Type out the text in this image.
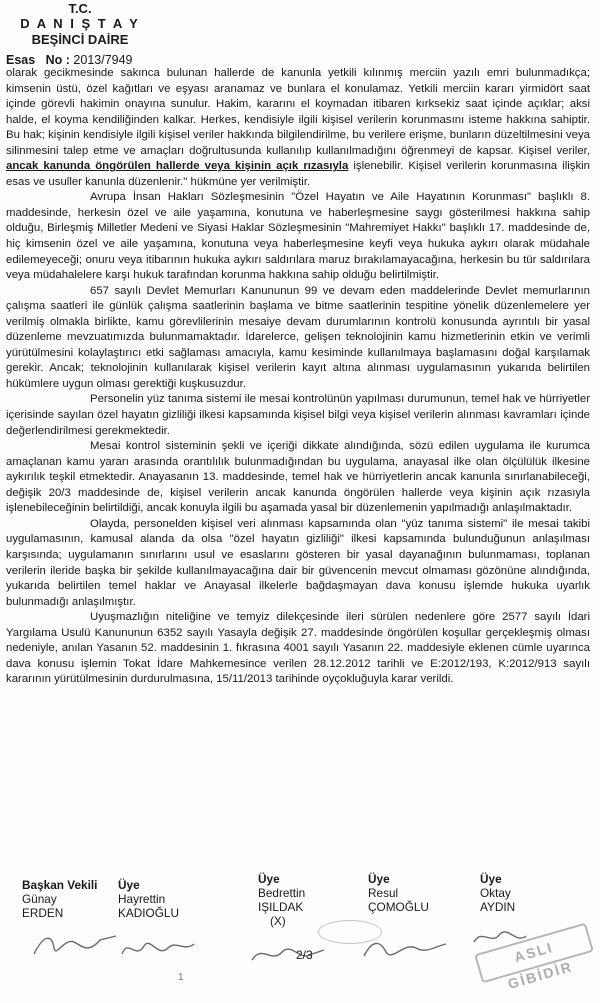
T.C.
D A N I Ş T A Y
BEŞİNCİ DAİRE
Esas No : 2013/7949

olarak gecikmesinde sakınca bulunan hallerde de kanunla yetkili kılınmış merciin yazılı emri bulunmadıkça; kimsenin üstü, özel kağıtları ve eşyası aranamaz ve bunlara el konulamaz. Yetkili merciin kararı yirmidört saat içinde görevli hakimin onayına sunulur. Hakim, kararını el koymadan itibaren kırksekiz saat içinde açıklar; aksi halde, el koyma kendiliğinden kalkar. Herkes, kendisiyle ilgili kişisel verilerin korunmasını isteme hakkına sahiptir. Bu hak; kişinin kendisiyle ilgili kişisel veriler hakkında bilgilendirilme, bu verilere erişme, bunların düzeltilmesini veya silinmesini talep etme ve amaçları doğrultusunda kullanılıp kullanılmadığını öğrenmeyi de kapsar. Kişisel veriler, ancak kanunda öngörülen hallerde veya kişinin açık rızasıyla işlenebilir. Kişisel verilerin korunmasına ilişkin esas ve usuller kanunla düzenlenir." hükmüne yer verilmiştir.

Avrupa İnsan Hakları Sözleşmesinin "Özel Hayatın ve Aile Hayatının Korunması" başlıklı 8. maddesinde, herkesin özel ve aile yaşamına, konutuna ve haberleşmesine saygı gösterilmesi hakkına sahip olduğu, Birleşmiş Milletler Medeni ve Siyasi Haklar Sözleşmesinin "Mahremiyet Hakkı" başlıklı 17. maddesinde de, hiç kimsenin özel ve aile yaşamına, konutuna veya haberleşmesine keyfi veya hukuka aykırı olarak müdahale edilemeyeceği; onuru veya itibarının hukuka aykırı saldırılara maruz bırakılamayacağına, herkesin bu tür saldırılara veya müdahalelere karşı hukuk tarafından korunma hakkına sahip olduğu belirtilmiştir.

657 sayılı Devlet Memurları Kanununun 99 ve devam eden maddelerinde Devlet memurlarının çalışma saatleri ile günlük çalışma saatlerinin başlama ve bitme saatlerinin tespitine yönelik düzenlemelere yer verilmiş olmakla birlikte, kamu görevlilerinin mesaiye devam durumlarının kontrolü konusunda ayrıntılı bir yasal düzenleme mevzuatımızda bulunmamaktadır. İdarelerce, gelişen teknolojinin kamu hizmetlerinin etkin ve verimli yürütülmesini kolaylaştırıcı etki sağlaması amacıyla, kamu kesiminde kullanılmaya başlamasını doğal karşılamak gerekir. Ancak; teknolojinin kullanılarak kişisel verilerin kayıt altına alınması uygulamasının yukarıda belirtilen hükümlere uygun olması gerektiği kuşkusuzdur.

Personelin yüz tanıma sistemi ile mesai kontrolünün yapılması durumunun, temel hak ve hürriyetler içerisinde sayılan özel hayatın gizliliği ilkesi kapsamında kişisel bilgi veya kişisel verilerin alınması kavramları içinde değerlendirilmesi gerekmektedir.

Mesai kontrol sisteminin şekli ve içeriği dikkate alındığında, sözü edilen uygulama ile kurumca amaçlanan kamu yararı arasında orantılılık bulunmadığından bu uygulama, anayasal ilke olan ölçülülük ilkesine aykırılık teşkil etmektedir. Anayasanın 13. maddesinde, temel hak ve hürriyetlerin ancak kanunla sınırlanabileceği, değişik 20/3 maddesinde de, kişisel verilerin ancak kanunda öngörülen hallerde veya kişinin açık rızasıyla işlenebileceğinin belirtildiği, ancak konuyla ilgili bu aşamada yasal bir düzenlemenin yapılmadığı anlaşılmaktadır.

Olayda, personelden kişisel veri alınması kapsamında olan "yüz tanıma sistemi" ile mesai takibi uygulamasının, kamusal alanda da olsa "özel hayatın gizliliği" ilkesi kapsamında bulunduğunun anlaşılması karşısında; uygulamanın sınırlarını usul ve esaslarını gösteren bir yasal dayanağının bulunmaması, toplanan verilerin ileride başka bir şekilde kullanılmayacağına dair bir güvencenin mevcut olmaması gözönüne alındığında, yukarıda belirtilen temel haklar ve Anayasal ilkelerle bağdaşmayan dava konusu işlemde hukuka uyarlık bulunmadığı anlaşılmıştır.

Uyuşmazlığın niteliğine ve temyiz dilekçesinde ileri sürülen nedenlere göre 2577 sayılı İdari Yargılama Usulü Kanununun 6352 sayılı Yasayla değişik 27. maddesinde öngörülen koşullar gerçekleşmiş olması nedeniyle, anılan Yasanın 52. maddesinin 1. fıkrasına 4001 sayılı Yasanın 22. maddesiyle eklenen cümle uyarınca dava konusu işlemin Tokat İdare Mahkemesince verilen 28.12.2012 tarihli ve E:2012/193, K:2012/913 sayılı kararının yürütülmesinin durdurulmasına, 15/11/2013 tarihinde oyçokluğuyla karar verildi.

Başkan Vekili
Günay
ERDEN
Üye
Hayrettin
KADIOĞLU
Üye
Bedrettin
IŞILDAK
(X)
Üye
Resul
ÇOMOĞLU
Üye
Oktay
AYDIN
2/3
1
ASLI GİBİDİR
